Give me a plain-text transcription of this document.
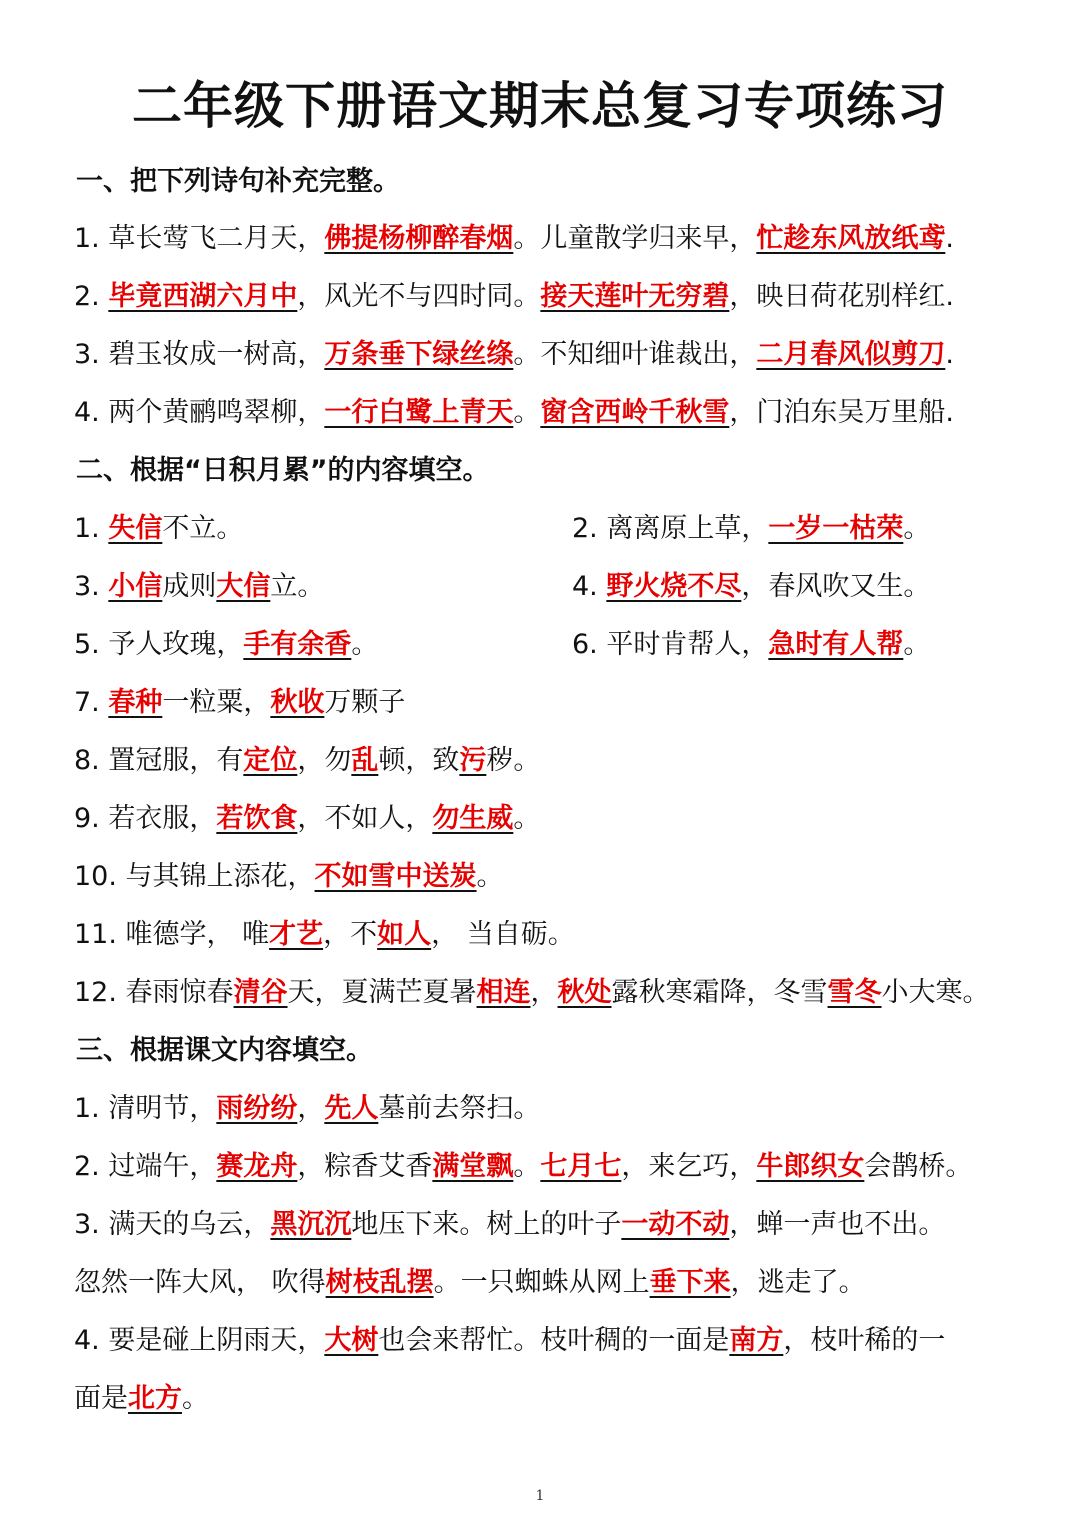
二年级下册语文期末总复习专项练习
一、把下列诗句补充完整。
1. 草长莺飞二月天，佛提杨柳醉春烟。儿童散学归来早，忙趁东风放纸鸢.
2. 毕竟西湖六月中，风光不与四时同。接天莲叶无穷碧，映日荷花别样红.
3. 碧玉妆成一树高，万条垂下绿丝绦。不知细叶谁裁出，二月春风似剪刀.
4. 两个黄鹂鸣翠柳，一行白鹭上青天。窗含西岭千秋雪，门泊东吴万里船.
二、根据“日积月累”的内容填空。
1. 失信不立。	2. 离离原上草，一岁一枯荣。
3. 小信成则大信立。	4. 野火烧不尽，春风吹又生。
5. 予人玫瑰，手有余香。	6. 平时肯帮人，急时有人帮。
7. 春种一粒粟，秋收万颗子
8. 置冠服，有定位，勿乱顿，致污秽。
9. 若衣服，若饮食，不如人，勿生威。
10. 与其锦上添花，不如雪中送炭。
11. 唯德学， 唯才艺，不如人， 当自砺。
12. 春雨惊春清谷天，夏满芒夏暑相连，秋处露秋寒霜降，冬雪雪冬小大寒。
三、根据课文内容填空。
1. 清明节，雨纷纷，先人墓前去祭扫。
2. 过端午，赛龙舟，粽香艾香满堂飘。七月七，来乞巧，牛郎织女会鹊桥。
3. 满天的乌云，黑沉沉地压下来。树上的叶子一动不动，蝉一声也不出。
忽然一阵大风， 吹得树枝乱摆。一只蜘蛛从网上垂下来，逃走了。
4. 要是碰上阴雨天，大树也会来帮忙。枝叶稠的一面是南方，枝叶稀的一
面是北方。
1
